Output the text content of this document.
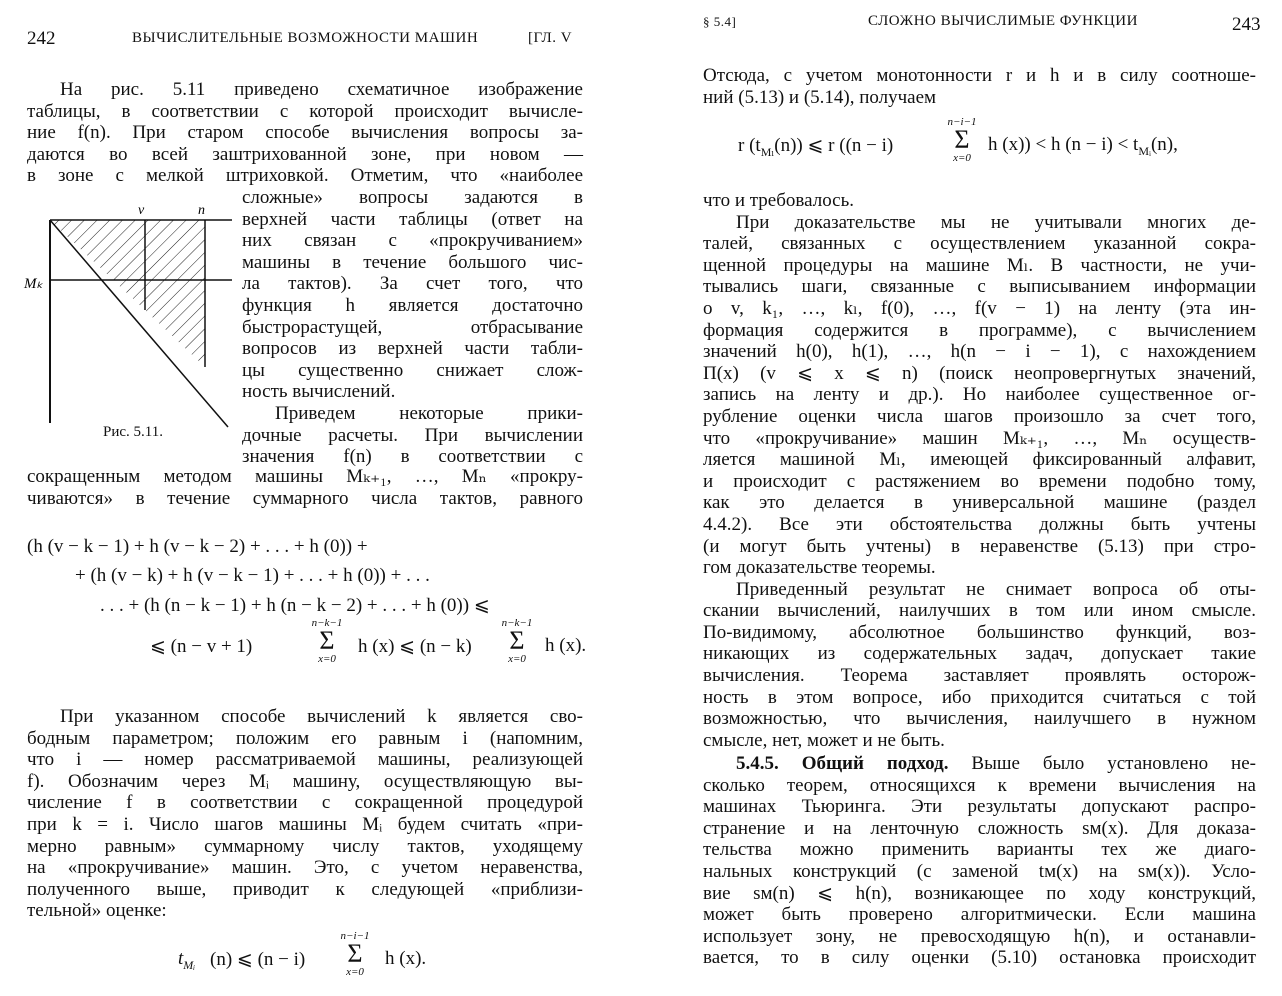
242	ВЫЧИСЛИТЕЛЬНЫЕ ВОЗМОЖНОСТИ МАШИН	[ГЛ. V
На рис. 5.11 приведено схематичное изображение
таблицы, в соответствии с которой происходит вычисле-
ние f(n). При старом способе вычисления вопросы за-
даются во всей заштрихованной зоне, при новом —
в зоне с мелкой штриховкой. Отметим, что «наиболее
сложные» вопросы задаются в
верхней части таблицы (ответ на
них связан с «прокручиванием»
машины в течение большого чис-
ла тактов). За счет того, что
функция h является достаточно
быстрорастущей, отбрасывание
вопросов из верхней части табли-
цы существенно снижает слож-
ность вычислений.
Приведем некоторые прики-
дочные расчеты. При вычислении
значения f(n) в соответствии с
сокращенным методом машины Mₖ₊₁, …, Mₙ «прокру-
чиваются» в течение суммарного числа тактов, равного
v	n
Mₖ
Рис. 5.11.
(h (v − k − 1) + h (v − k − 2) + . . . + h (0)) +
+ (h (v − k) + h (v − k − 1) + . . . + h (0)) + . . .
. . . + (h (n − k − 1) + h (n − k − 2) + . . . + h (0)) ⩽
⩽ (n − v + 1)
n−k−1
Σ
x=0
h (x) ⩽ (n − k)
n−k−1
Σ
x=0
h (x).
При указанном способе вычислений k является сво-
бодным параметром; положим его равным i (напомним,
что i — номер рассматриваемой машины, реализующей
f). Обозначим через Mᵢ машину, осуществляющую вы-
числение f в соответствии с сокращенной процедурой
при k = i. Число шагов машины Mᵢ будем считать «при-
мерно равным» суммарному числу тактов, уходящему
на «прокручивание» машин. Это, с учетом неравенства,
полученного выше, приводит к следующей «приблизи-
тельной» оценке:
$t_{Mᵢ}$ (n) ⩽ (n − i)
n−i−1
Σ
x=0
h (x).
§ 5.4]	СЛОЖНО ВЫЧИСЛИМЫЕ ФУНКЦИИ	243
Отсюда, с учетом монотонности r и h и в силу соотноше-
ний (5.13) и (5.14), получаем
r $(t_{M_l}(n))$ ⩽ r ((n − i)
n−i−1
Σ
x=0
h (x)) < h $(n - i) < t_{Mᵢ}(n)$,
что и требовалось.
При доказательстве мы не учитывали многих де-
талей, связанных с осуществлением указанной сокра-
щенной процедуры на машине Mₗ. В частности, не учи-
тывались шаги, связанные с выписыванием информации
о v, k₁, …, kₗ, f(0), …, f(v − 1) на ленту (эта ин-
формация содержится в программе), с вычислением
значений h(0), h(1), …, h(n − i − 1), с нахождением
Π(x) (v ⩽ x ⩽ n) (поиск неопровергнутых значений,
запись на ленту и др.). Но наиболее существенное ог-
рубление оценки числа шагов произошло за счет того,
что «прокручивание» машин Mₖ₊₁, …, Mₙ осуществ-
ляется машиной Mₗ, имеющей фиксированный алфавит,
и происходит с растяжением во времени подобно тому,
как это делается в универсальной машине (раздел
4.4.2). Все эти обстоятельства должны быть учтены
(и могут быть учтены) в неравенстве (5.13) при стро-
гом доказательстве теоремы.
Приведенный результат не снимает вопроса об оты-
скании вычислений, наилучших в том или ином смысле.
По-видимому, абсолютное большинство функций, воз-
никающих из содержательных задач, допускает такие
вычисления. Теорема заставляет проявлять осторож-
ность в этом вопросе, ибо приходится считаться с той
возможностью, что вычисления, наилучшего в нужном
смысле, нет, может и не быть.
5.4.5. Общий подход. Выше было установлено не-
сколько теорем, относящихся к времени вычисления на
машинах Тьюринга. Эти результаты допускают распро-
странение и на ленточную сложность sᴍ(x). Для доказа-
тельства можно применить варианты тех же диаго-
нальных конструкций (с заменой tᴍ(x) на sᴍ(x)). Усло-
вие sᴍ(n) ⩽ h(n), возникающее по ходу конструкций,
может быть проверено алгоритмически. Если машина
использует зону, не превосходящую h(n), и останавли-
вается, то в силу оценки (5.10) остановка происходит
